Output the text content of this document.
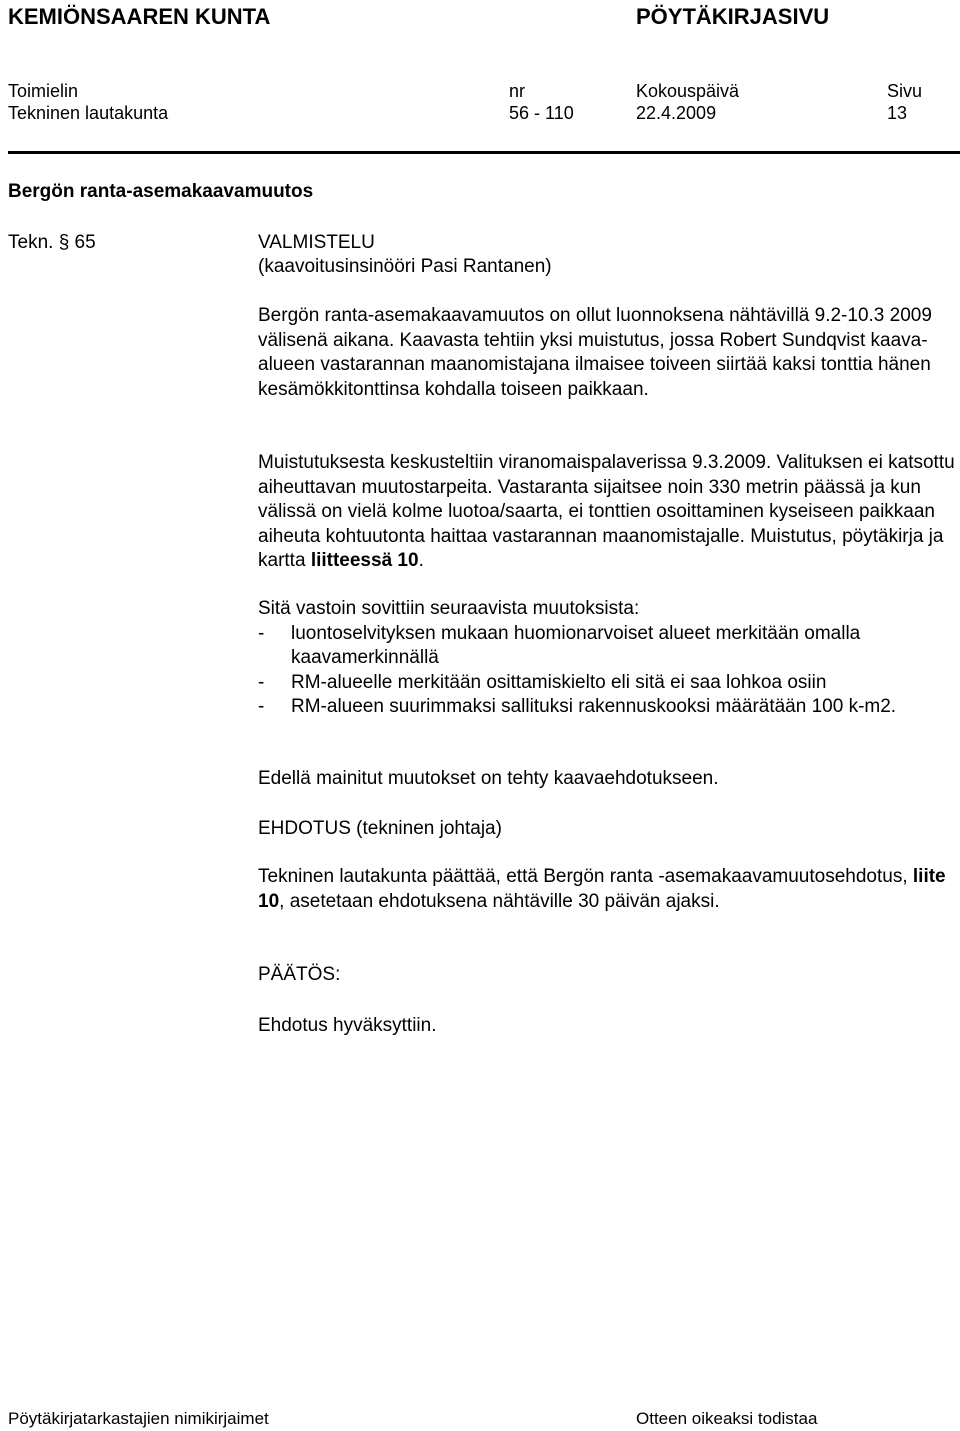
KEMIÖNSAAREN KUNTA	PÖYTÄKIRJASIVU
Toimielin	nr	Kokouspäivä	Sivu
Tekninen lautakunta	56 - 110	22.4.2009	13
Bergön ranta-asemakaavamuutos
Tekn. § 65	VALMISTELU
(kaavoitusinsinööri Pasi Rantanen)

Bergön ranta-asemakaavamuutos on ollut luonnoksena nähtävillä 9.2-10.3 2009 välisenä aikana. Kaavasta tehtiin yksi muistutus, jossa Robert Sundqvist kaava-alueen vastarannan maanomistajana ilmaisee toiveen siirtää kaksi tonttia hänen kesämökkitonttinsa kohdalla toiseen paikkaan.

Muistutuksesta keskusteltiin viranomaispalaverissa 9.3.2009. Valituksen ei katsottu aiheuttavan muutostarpeita. Vastaranta sijaitsee noin 330 metrin päässä ja kun välissä on vielä kolme luotoa/saarta, ei tonttien osoittaminen kyseiseen paikkaan aiheuta kohtuutonta haittaa vastarannan maanomistajalle. Muistutus, pöytäkirja ja kartta liitteessä 10.

Sitä vastoin sovittiin seuraavista muutoksista:

- luontoselvityksen mukaan huomionarvoiset alueet merkitään omalla kaavamerkinnällä
- RM-alueelle merkitään osittamiskielto eli sitä ei saa lohkoa osiin
- RM-alueen suurimmaksi sallituksi rakennuskooksi määrätään 100 k-m2.
Edellä mainitut muutokset on tehty kaavaehdotukseen.
EHDOTUS (tekninen johtaja)

Tekninen lautakunta päättää, että Bergön ranta -asemakaavamuutosehdotus, liite 10, asetetaan ehdotuksena nähtäville 30 päivän ajaksi.

PÄÄTÖS:
Ehdotus hyväksyttiin.
Pöytäkirjatarkastajien nimikirjaimet	Otteen oikeaksi todistaa
